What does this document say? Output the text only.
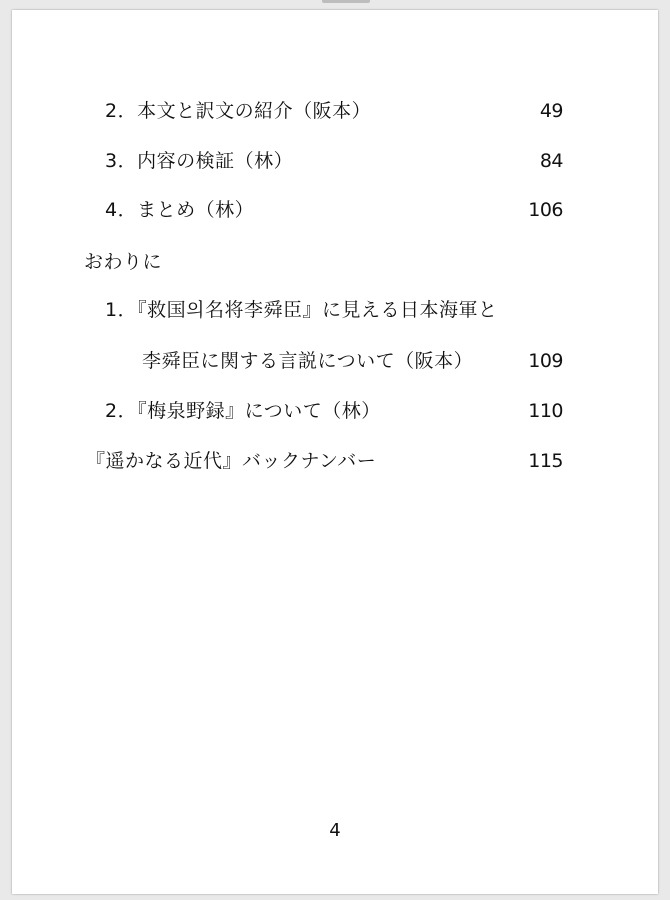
2．本文と訳文の紹介（阪本）	49
3．内容の検証（林）	84
4．まとめ（林）	106
おわりに
1．『救国의名将李舜臣』に見える日本海軍と
李舜臣に関する言説について（阪本）	109
2．『梅泉野録』について（林）	110
『遥かなる近代』バックナンバー	115
4
